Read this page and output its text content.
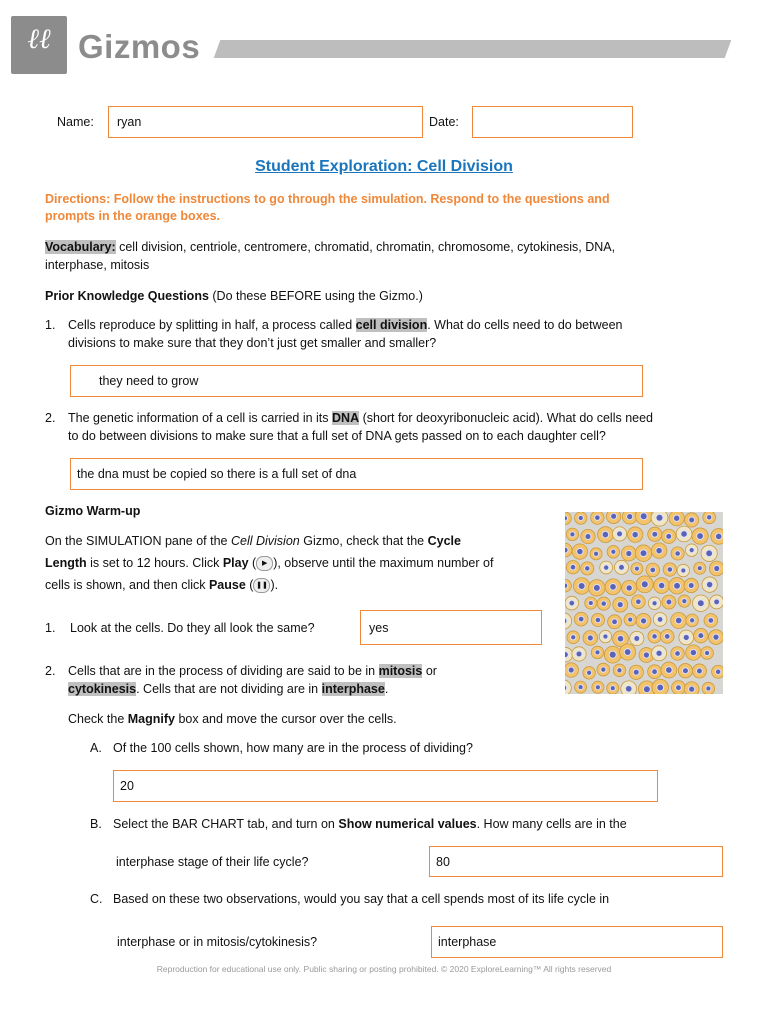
ℓℓ Gizmos
Name:	ryan	Date:
Student Exploration: Cell Division
Directions: Follow the instructions to go through the simulation. Respond to the questions and
prompts in the orange boxes.
Vocabulary: cell division, centriole, centromere, chromatid, chromatin, chromosome, cytokinesis, DNA,
interphase, mitosis
Prior Knowledge Questions (Do these BEFORE using the Gizmo.)
1. Cells reproduce by splitting in half, a process called cell division. What do cells need to do between
divisions to make sure that they don’t just get smaller and smaller?
they need to grow
2. The genetic information of a cell is carried in its DNA (short for deoxyribonucleic acid). What do cells need
to do between divisions to make sure that a full set of DNA gets passed on to each daughter cell?
the dna must be copied so there is a full set of dna
Gizmo Warm-up
On the SIMULATION pane of the Cell Division Gizmo, check that the Cycle
Length is set to 12 hours. Click Play ( ▶ ), observe until the maximum number of
cells is shown, and then click Pause ( ❚❚ ).
1. Look at the cells. Do they all look the same?	yes
2. Cells that are in the process of dividing are said to be in mitosis or
cytokinesis. Cells that are not dividing are in interphase.
Check the Magnify box and move the cursor over the cells.
A. Of the 100 cells shown, how many are in the process of dividing?
20
B. Select the BAR CHART tab, and turn on Show numerical values. How many cells are in the
interphase stage of their life cycle?	80
C. Based on these two observations, would you say that a cell spends most of its life cycle in
interphase or in mitosis/cytokinesis?	interphase
Reproduction for educational use only. Public sharing or posting prohibited. © 2020 ExploreLearning™ All rights reserved
